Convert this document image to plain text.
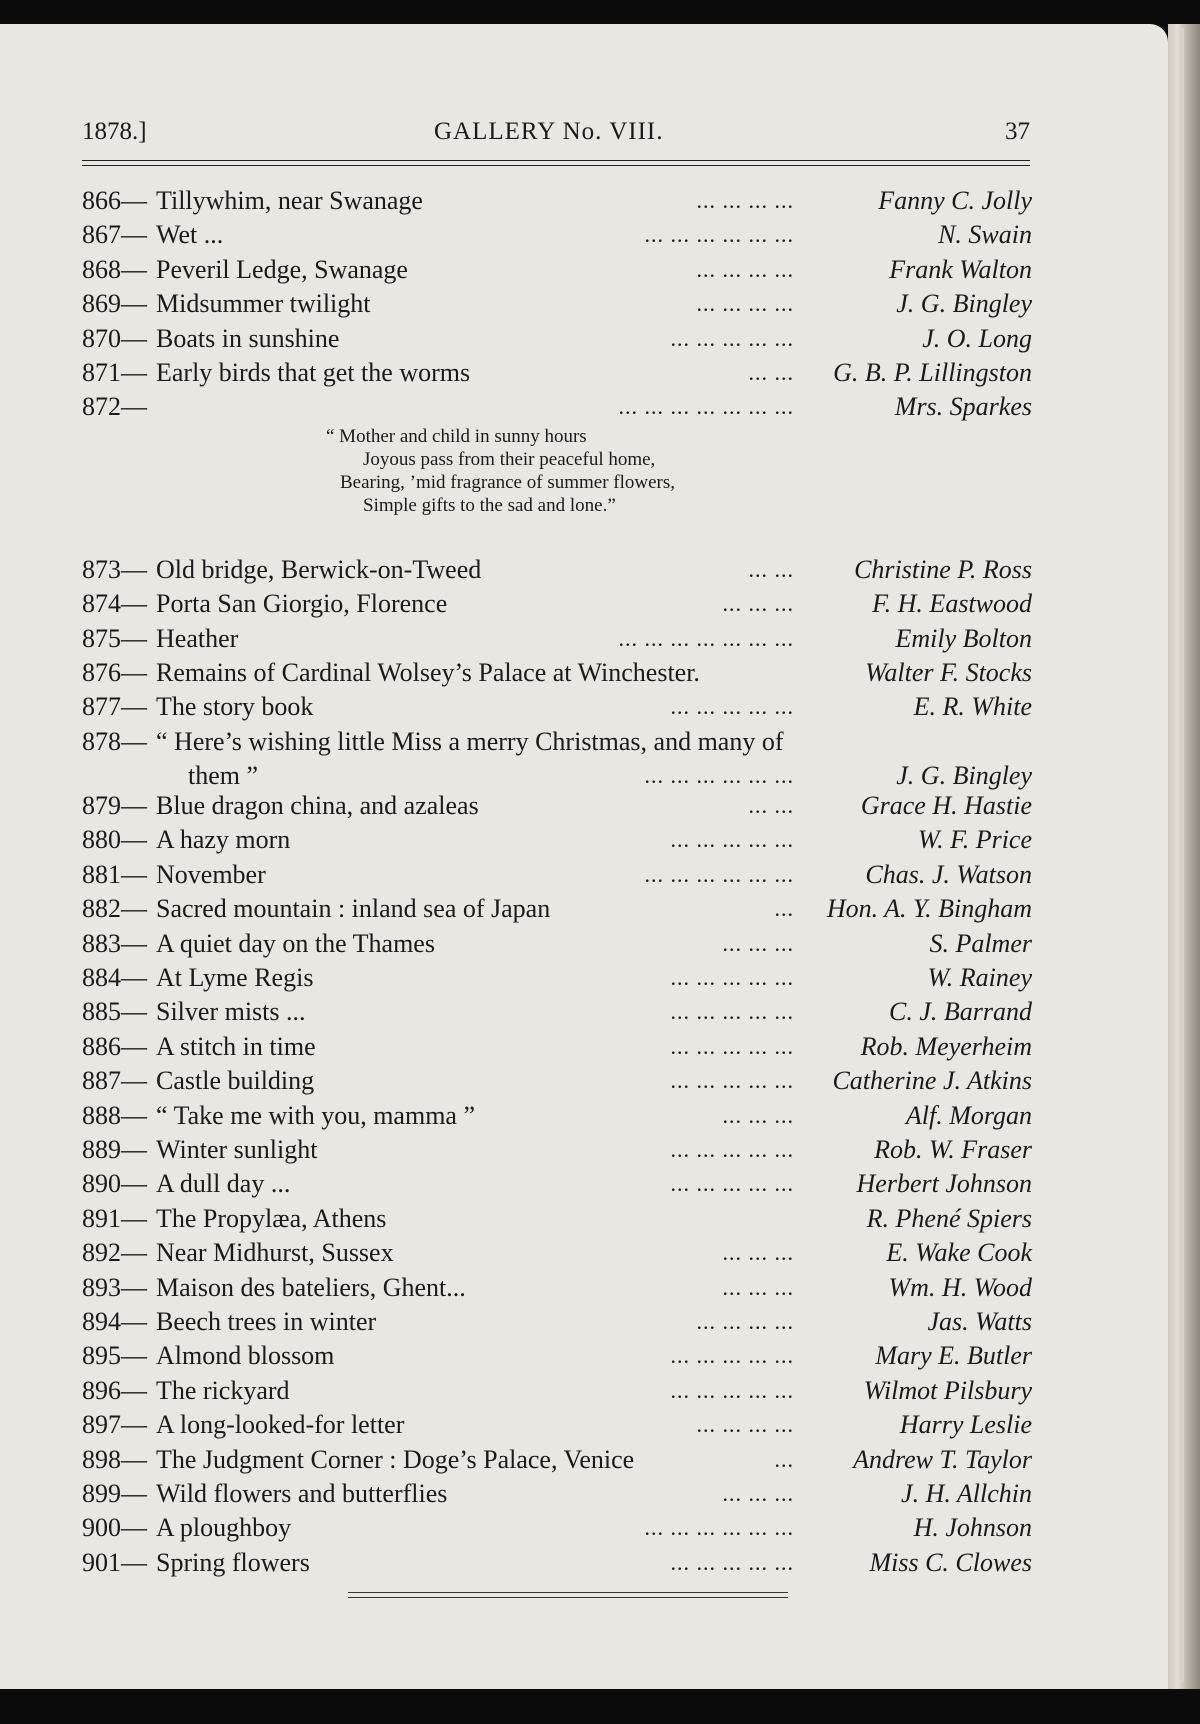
1878.]	GALLERY No. VIII.	37
866— Tillywhim, near Swanage	... ... ... ...	Fanny C. Jolly
867— Wet ...	... ... ... ... ... ...	N. Swain
868— Peveril Ledge, Swanage	... ... ... ...	Frank Walton
869— Midsummer twilight	... ... ... ...	J. G. Bingley
870— Boats in sunshine	... ... ... ... ...	J. O. Long
871— Early birds that get the worms	... ... G. B. P. Lillingston
872—	... ... ... ... ... ... ...	Mrs. Sparkes
“ Mother and child in sunny hours
Joyous pass from their peaceful home,
Bearing, ’mid fragrance of summer flowers,
Simple gifts to the sad and lone.”
873— Old bridge, Berwick-on-Tweed	... ... Christine P. Ross
874— Porta San Giorgio, Florence	... ... ...	F. H. Eastwood
875— Heather	... ... ... ... ... ... ...	Emily Bolton
876— Remains of Cardinal Wolsey’s Palace at Winchester.	Walter F. Stocks
877— The story book	... ... ... ... ...	E. R. White
878— “ Here’s wishing little Miss a merry Christmas, and many of
them ”	... ... ... ... ... ...	J. G. Bingley
879— Blue dragon china, and azaleas	... ...	Grace H. Hastie
880— A hazy morn	... ... ... ... ...	W. F. Price
881— November	... ... ... ... ... ...	Chas. J. Watson
882— Sacred mountain : inland sea of Japan	... Hon. A. Y. Bingham
883— A quiet day on the Thames	... ... ...	S. Palmer
884— At Lyme Regis	... ... ... ... ...	W. Rainey
885— Silver mists ...	... ... ... ... ...	C. J. Barrand
886— A stitch in time	... ... ... ... ...	Rob. Meyerheim
887— Castle building	... ... ... ... ... Catherine J. Atkins
888— “ Take me with you, mamma ”	... ... ...	Alf. Morgan
889— Winter sunlight	... ... ... ... ...	Rob. W. Fraser
890— A dull day ...	... ... ... ... ... Herbert Johnson
891— The Propylæa, Athens	R. Phené Spiers
892— Near Midhurst, Sussex	... ... ...	E. Wake Cook
893— Maison des bateliers, Ghent...	... ... ...	Wm. H. Wood
894— Beech trees in winter	... ... ... ...	Jas. Watts
895— Almond blossom	... ... ... ... ...	Mary E. Butler
896— The rickyard	... ... ... ... ...	Wilmot Pilsbury
897— A long-looked-for letter	... ... ... ...	Harry Leslie
898— The Judgment Corner : Doge’s Palace, Venice	... Andrew T. Taylor
899— Wild flowers and butterflies	... ... ...	J. H. Allchin
900— A ploughboy	... ... ... ... ... ...	H. Johnson
901— Spring flowers	... ... ... ... ...	Miss C. Clowes
